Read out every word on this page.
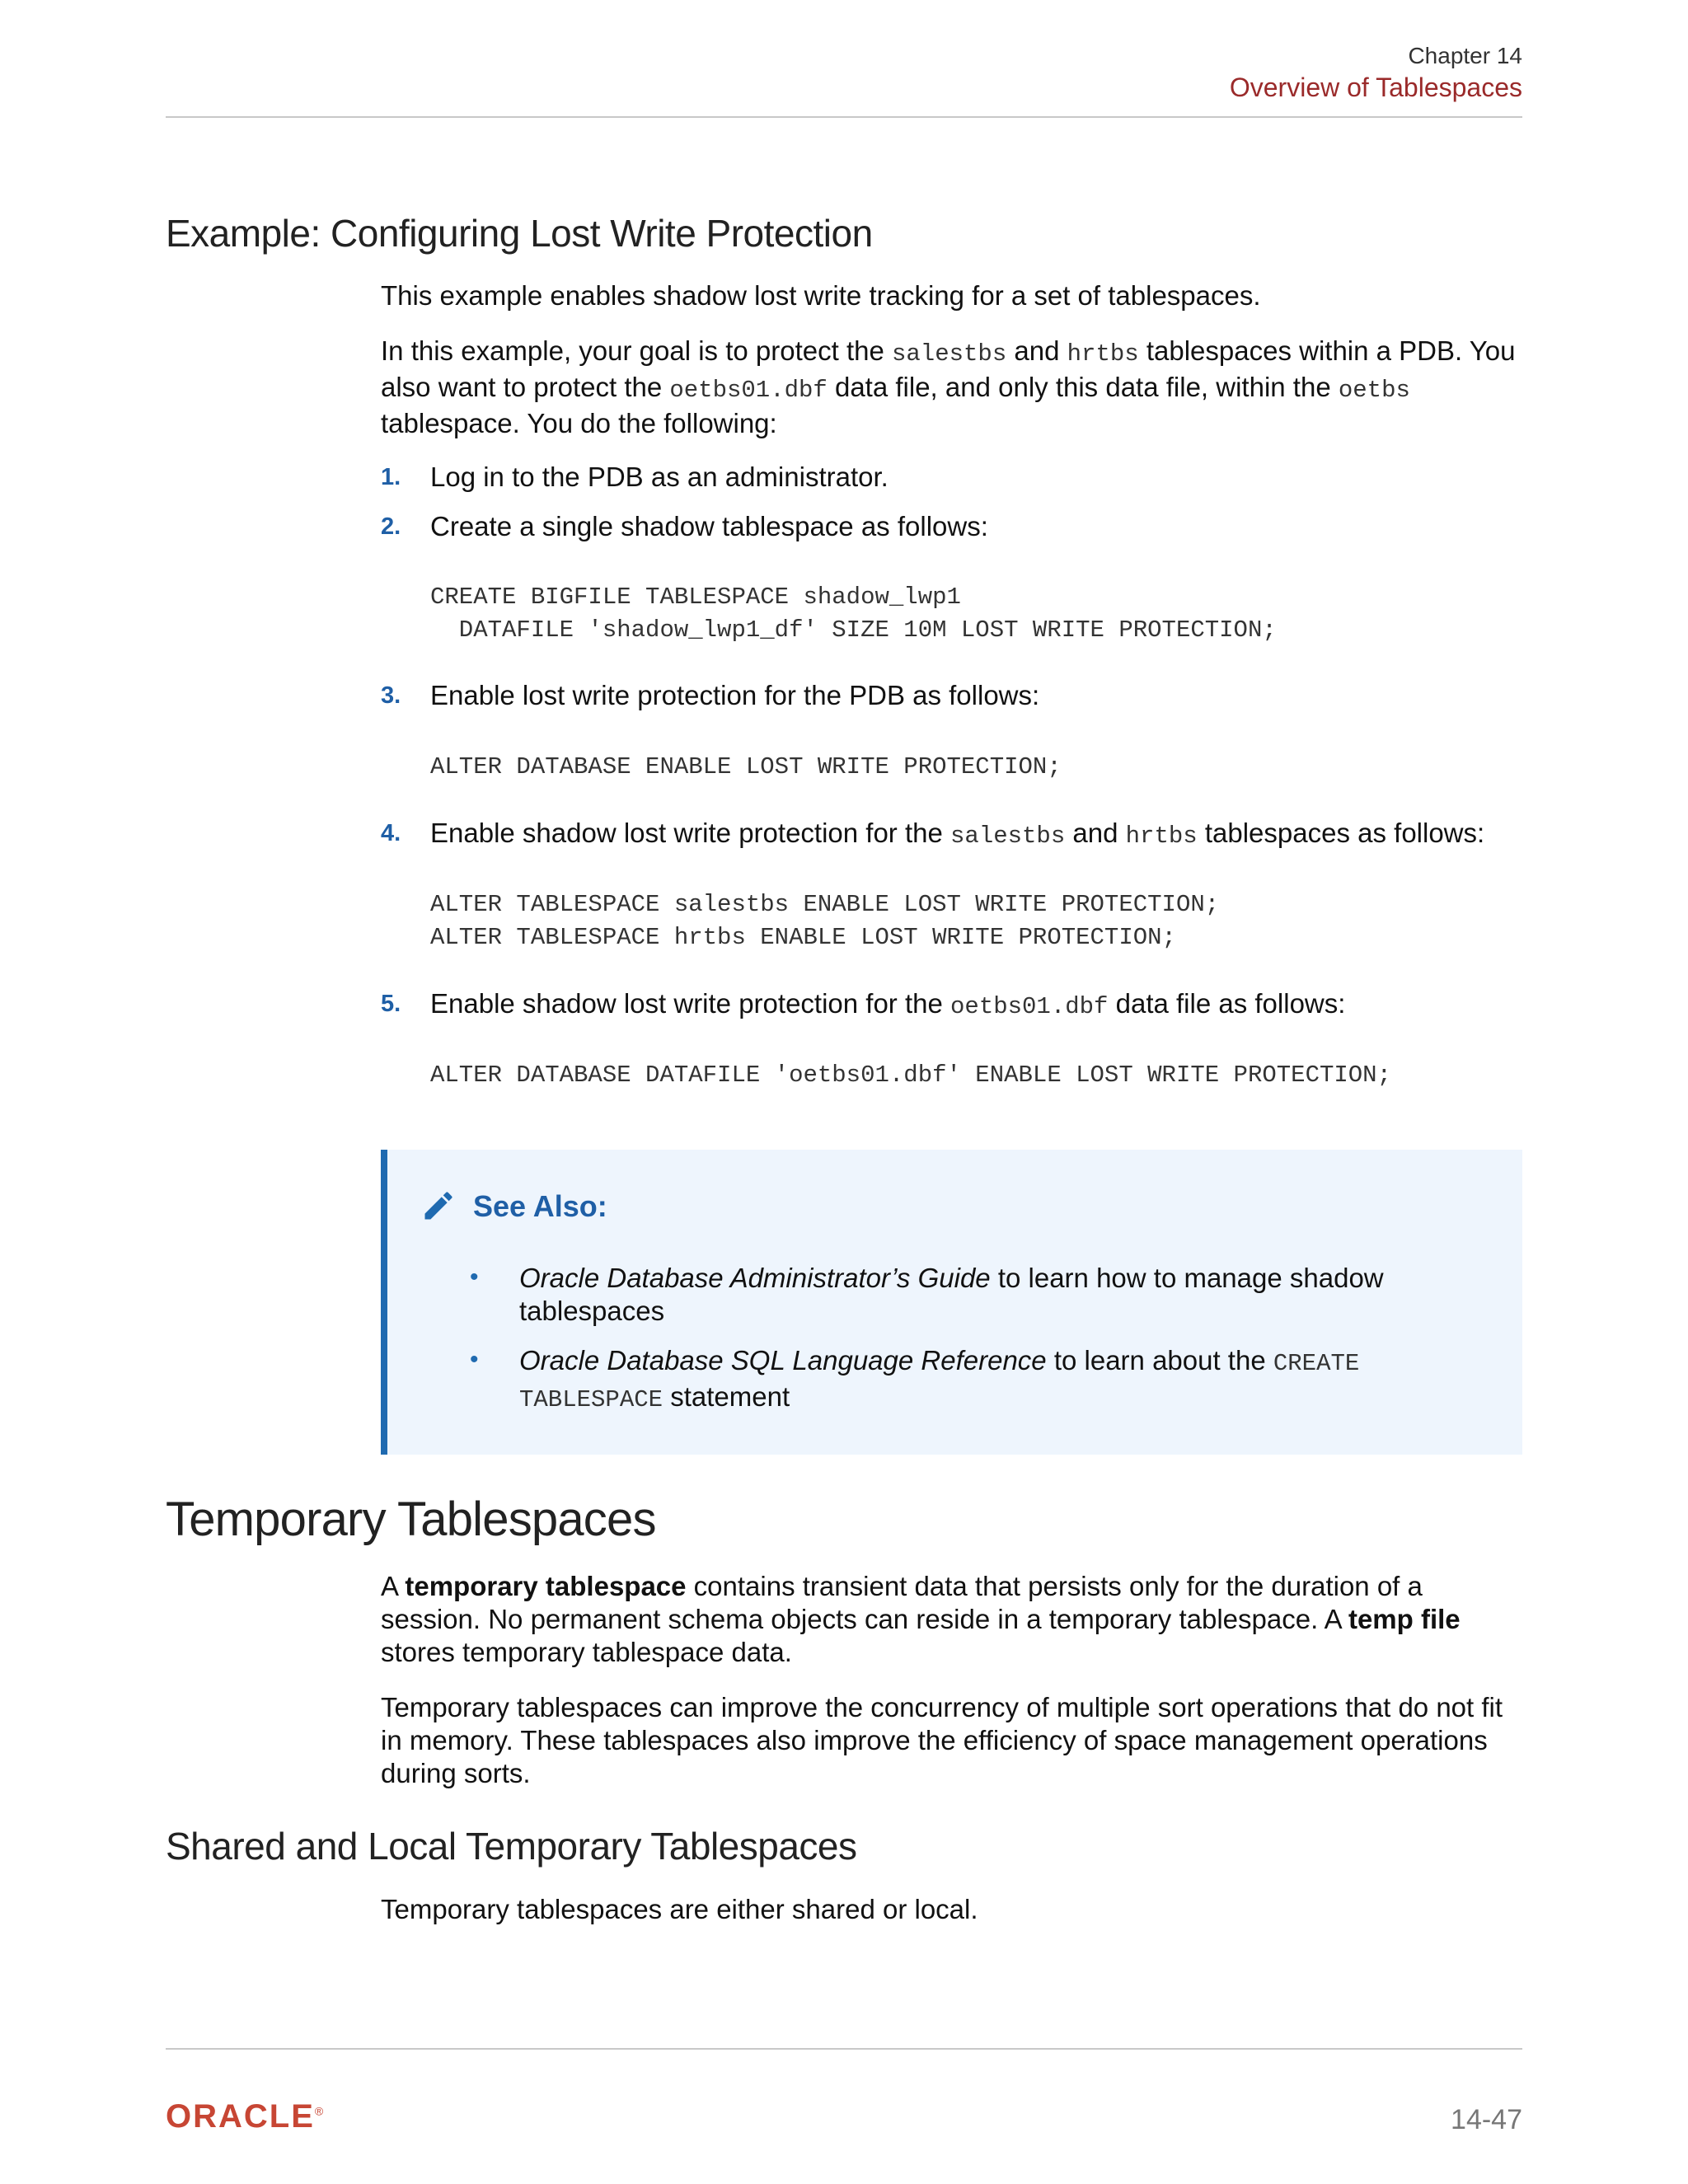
Chapter 14
Overview of Tablespaces
Example: Configuring Lost Write Protection

This example enables shadow lost write tracking for a set of tablespaces.

In this example, your goal is to protect the salestbs and hrtbs tablespaces within a PDB. You also want to protect the oetbs01.dbf data file, and only this data file, within the oetbs tablespace. You do the following:

1. Log in to the PDB as an administrator.
2. Create a single shadow tablespace as follows:
CREATE BIGFILE TABLESPACE shadow_lwp1
DATAFILE 'shadow_lwp1_df' SIZE 10M LOST WRITE PROTECTION;
3. Enable lost write protection for the PDB as follows:
ALTER DATABASE ENABLE LOST WRITE PROTECTION;
4. Enable shadow lost write protection for the salestbs and hrtbs tablespaces as follows:
ALTER TABLESPACE salestbs ENABLE LOST WRITE PROTECTION;
ALTER TABLESPACE hrtbs ENABLE LOST WRITE PROTECTION;
5. Enable shadow lost write protection for the oetbs01.dbf data file as follows:
ALTER DATABASE DATAFILE 'oetbs01.dbf' ENABLE LOST WRITE PROTECTION;
See Also:
• Oracle Database Administrator’s Guide to learn how to manage shadow tablespaces
• Oracle Database SQL Language Reference to learn about the CREATE
TABLESPACE statement
Temporary Tablespaces

A temporary tablespace contains transient data that persists only for the duration of a session. No permanent schema objects can reside in a temporary tablespace. A temp file stores temporary tablespace data.

Temporary tablespaces can improve the concurrency of multiple sort operations that do not fit in memory. These tablespaces also improve the efficiency of space management operations during sorts.

Shared and Local Temporary Tablespaces

Temporary tablespaces are either shared or local.

ORACLE®	14-47
